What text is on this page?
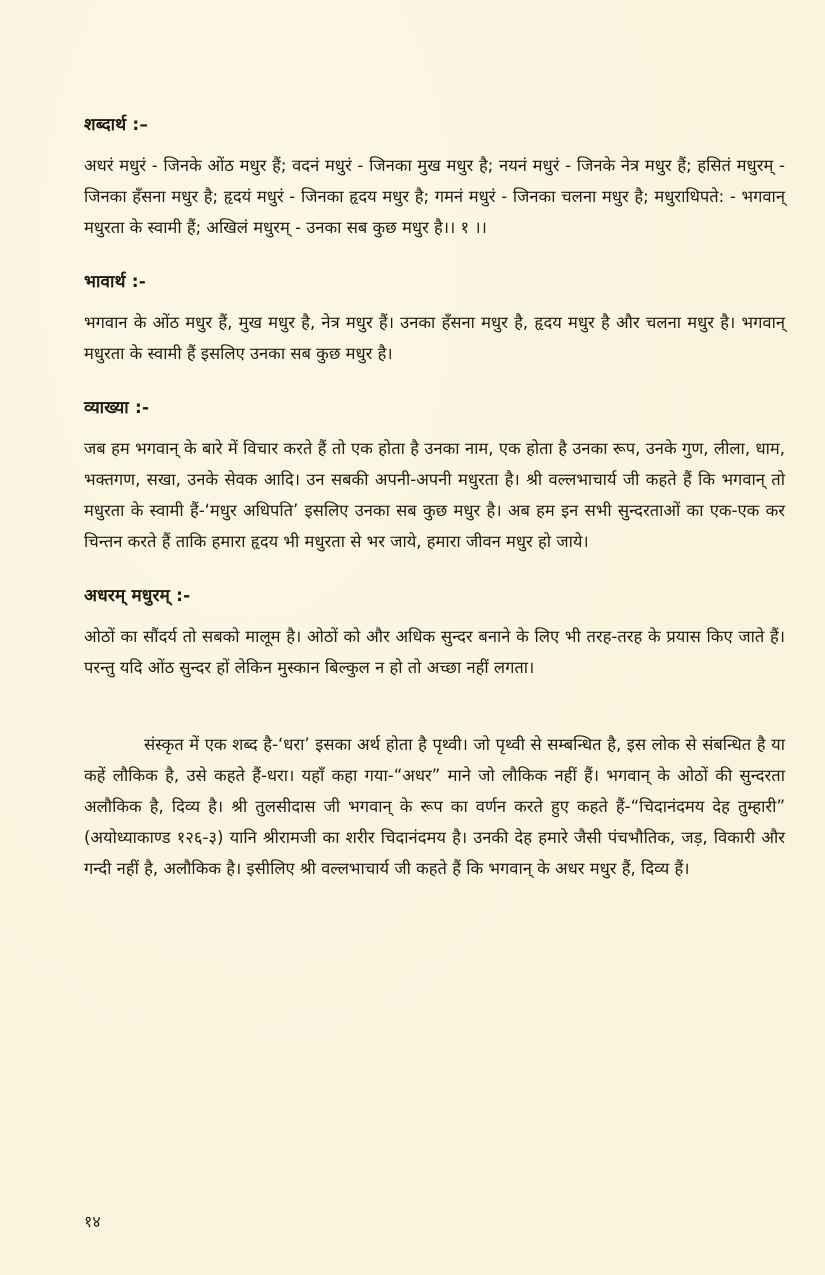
शब्दार्थ :–

अधरं मधुरं - जिनके ओंठ मधुर हैं; वदनं मधुरं - जिनका मुख मधुर है; नयनं मधुरं - जिनके नेत्र मधुर हैं; हसितं मधुरम् - जिनका हँसना मधुर है; हृदयं मधुरं - जिनका हृदय मधुर है; गमनं मधुरं - जिनका चलना मधुर है; मधुराधिपते: - भगवान् मधुरता के स्वामी हैं; अखिलं मधुरम् - उनका सब कुछ मधुर है।। १ ।।

भावार्थ :-

भगवान के ओंठ मधुर हैं, मुख मधुर है, नेत्र मधुर हैं। उनका हँसना मधुर है, हृदय मधुर है और चलना मधुर है। भगवान् मधुरता के स्वामी हैं इसलिए उनका सब कुछ मधुर है।

व्याख्या :-

जब हम भगवान् के बारे में विचार करते हैं तो एक होता है उनका नाम, एक होता है उनका रूप, उनके गुण, लीला, धाम, भक्तगण, सखा, उनके सेवक आदि। उन सबकी अपनी-अपनी मधुरता है। श्री वल्लभाचार्य जी कहते हैं कि भगवान् तो मधुरता के स्वामी हैं-‘मधुर अधिपति’ इसलिए उनका सब कुछ मधुर है। अब हम इन सभी सुन्दरताओं का एक-एक कर चिन्तन करते हैं ताकि हमारा हृदय भी मधुरता से भर जाये, हमारा जीवन मधुर हो जाये।

अधरम् मधुरम् :-

ओठों का सौंदर्य तो सबको मालूम है। ओठों को और अधिक सुन्दर बनाने के लिए भी तरह-तरह के प्रयास किए जाते हैं। परन्तु यदि ओंठ सुन्दर हों लेकिन मुस्कान बिल्कुल न हो तो अच्छा नहीं लगता।

संस्कृत में एक शब्द है-‘धरा’ इसका अर्थ होता है पृथ्वी। जो पृथ्वी से सम्बन्धित है, इस लोक से संबन्धित है या कहें लौकिक है, उसे कहते हैं-धरा। यहाँ कहा गया-“अधर” माने जो लौकिक नहीं हैं। भगवान् के ओठों की सुन्दरता अलौकिक है, दिव्य है। श्री तुलसीदास जी भगवान् के रूप का वर्णन करते हुए कहते हैं-“चिदानंदमय देह तुम्हारी” (अयोध्याकाण्ड १२६-३) यानि श्रीरामजी का शरीर चिदानंदमय है। उनकी देह हमारे जैसी पंचभौतिक, जड़, विकारी और गन्दी नहीं है, अलौकिक है। इसीलिए श्री वल्लभाचार्य जी कहते हैं कि भगवान् के अधर मधुर हैं, दिव्य हैं।

१४
